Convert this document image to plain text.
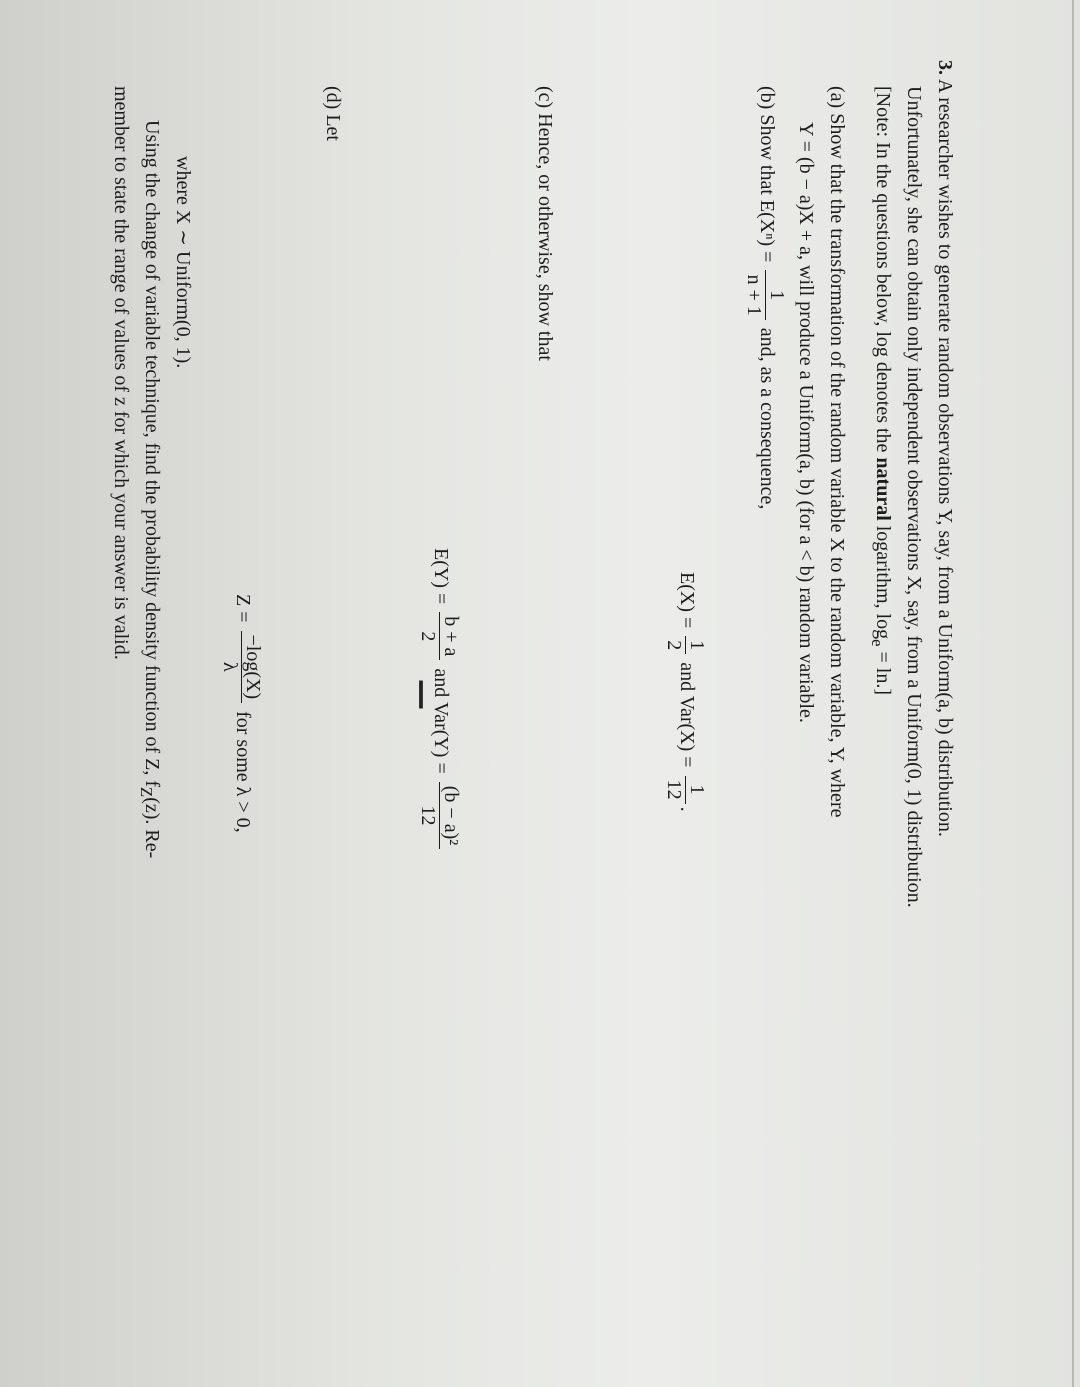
3. A researcher wishes to generate random observations Y, say, from a Uniform(a, b) distribution.
Unfortunately, she can obtain only independent observations X, say, from a Uniform(0, 1) distribution.
[Note: In the questions below, log denotes the natural logarithm, $\log_e = \ln$.]
(a) Show that the transformation of the random variable X to the random variable, Y, where
Y = (b − a)X + a, will produce a Uniform(a, b) (for a < b) random variable.
(b) Show that E(Xⁿ) =
1
n + 1
and, as a consequence,
E(X) =
1
2
and Var(X) =
1
12
.
(c) Hence, or otherwise, show that
E(Y) =
b + a
2
and Var(Y) =
(b − a)²
12
I
(d) Let
Z =
−log(X)
λ
for some λ > 0,
where X ∼ Uniform(0, 1).
Using the change of variable technique, find the probability density function of Z, $f_Z(z)$. Re-
member to state the range of values of z for which your answer is valid.
